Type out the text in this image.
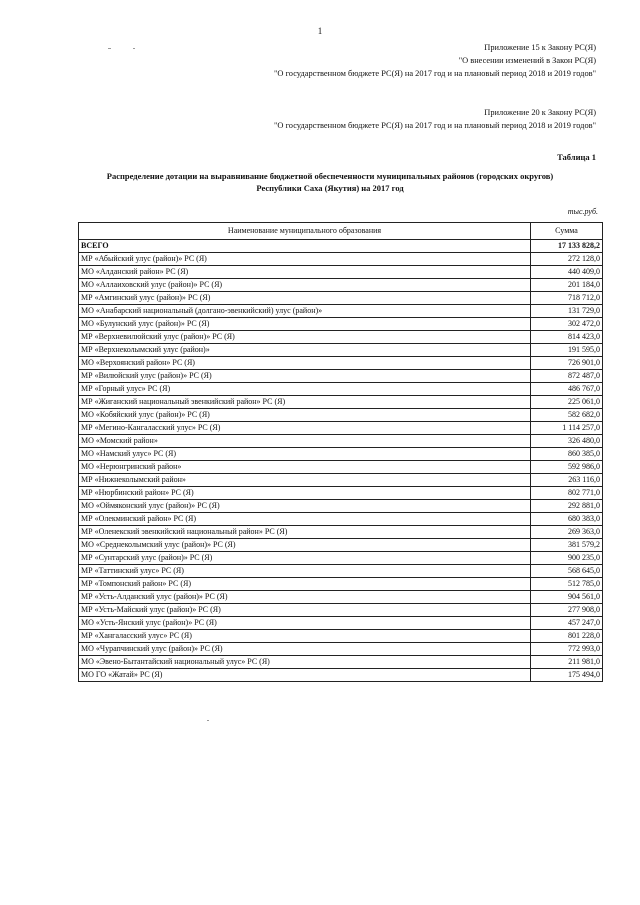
1
Приложение 15 к Закону РС(Я)
"О внесении изменений в Закон РС(Я)
"О государственном бюджете РС(Я) на 2017 год и на плановый период 2018 и 2019 годов"
Приложение 20 к Закону РС(Я)
"О государственном бюджете РС(Я) на 2017 год и на плановый период 2018 и 2019 годов"
Таблица 1
Распределение дотации на выравнивание бюджетной обеспеченности муниципальных районов (городских округов)
Республики Саха (Якутия) на 2017 год
тыс.руб.
Наименование муниципального образования	Сумма
ВСЕГО	17 133 828,2
МР «Абыйский улус (район)» РС (Я)	272 128,0
МО «Алданский район» РС (Я)	440 409,0
МО «Аллаиховский улус (район)» РС (Я)	201 184,0
МР «Амгинский улус (район)» РС (Я)	718 712,0
МО «Анабарский национальный (долгано-эвенкийский) улус (район)»	131 729,0
МО «Булунский улус (район)» РС (Я)	302 472,0
МР «Верхневилюйский улус (район)» РС (Я)	814 423,0
МР «Верхнеколымский улус (район)»	191 595,0
МО «Верхоянский район» РС (Я)	726 901,0
МР «Вилюйский улус (район)» РС (Я)	872 487,0
МР «Горный улус» РС (Я)	486 767,0
МР «Жиганский национальный эвенкийский район» РС (Я)	225 061,0
МО «Кобяйский улус (район)» РС (Я)	582 682,0
МР «Мегино-Кангаласский улус» РС (Я)	1 114 257,0
МО «Момский район»	326 480,0
МО «Намский улус» РС (Я)	860 385,0
МО «Нерюнгринский район»	592 986,0
МР «Нижнеколымский район»	263 116,0
МР «Нюрбинский район» РС (Я)	802 771,0
МО «Оймяконский улус (район)» РС (Я)	292 881,0
МР «Олекминский район» РС (Я)	680 383,0
МР «Оленекский эвенкийский национальный район» РС (Я)	269 363,0
МО «Среднеколымский улус (район)» РС (Я)	381 579,2
МР «Сунтарский улус (район)» РС (Я)	900 235,0
МР «Таттинский улус» РС (Я)	568 645,0
МР «Томпонский район» РС (Я)	512 785,0
МР «Усть-Алданский улус (район)» РС (Я)	904 561,0
МР «Усть-Майский улус (район)» РС (Я)	277 908,0
МО «Усть-Янский улус (район)» РС (Я)	457 247,0
МР «Хангаласский улус» РС (Я)	801 228,0
МО «Чурапчинский улус (район)» РС (Я)	772 993,0
МО «Эвено-Бытантайский национальный улус» РС (Я)	211 981,0
МО ГО «Жатай» РС (Я)	175 494,0
